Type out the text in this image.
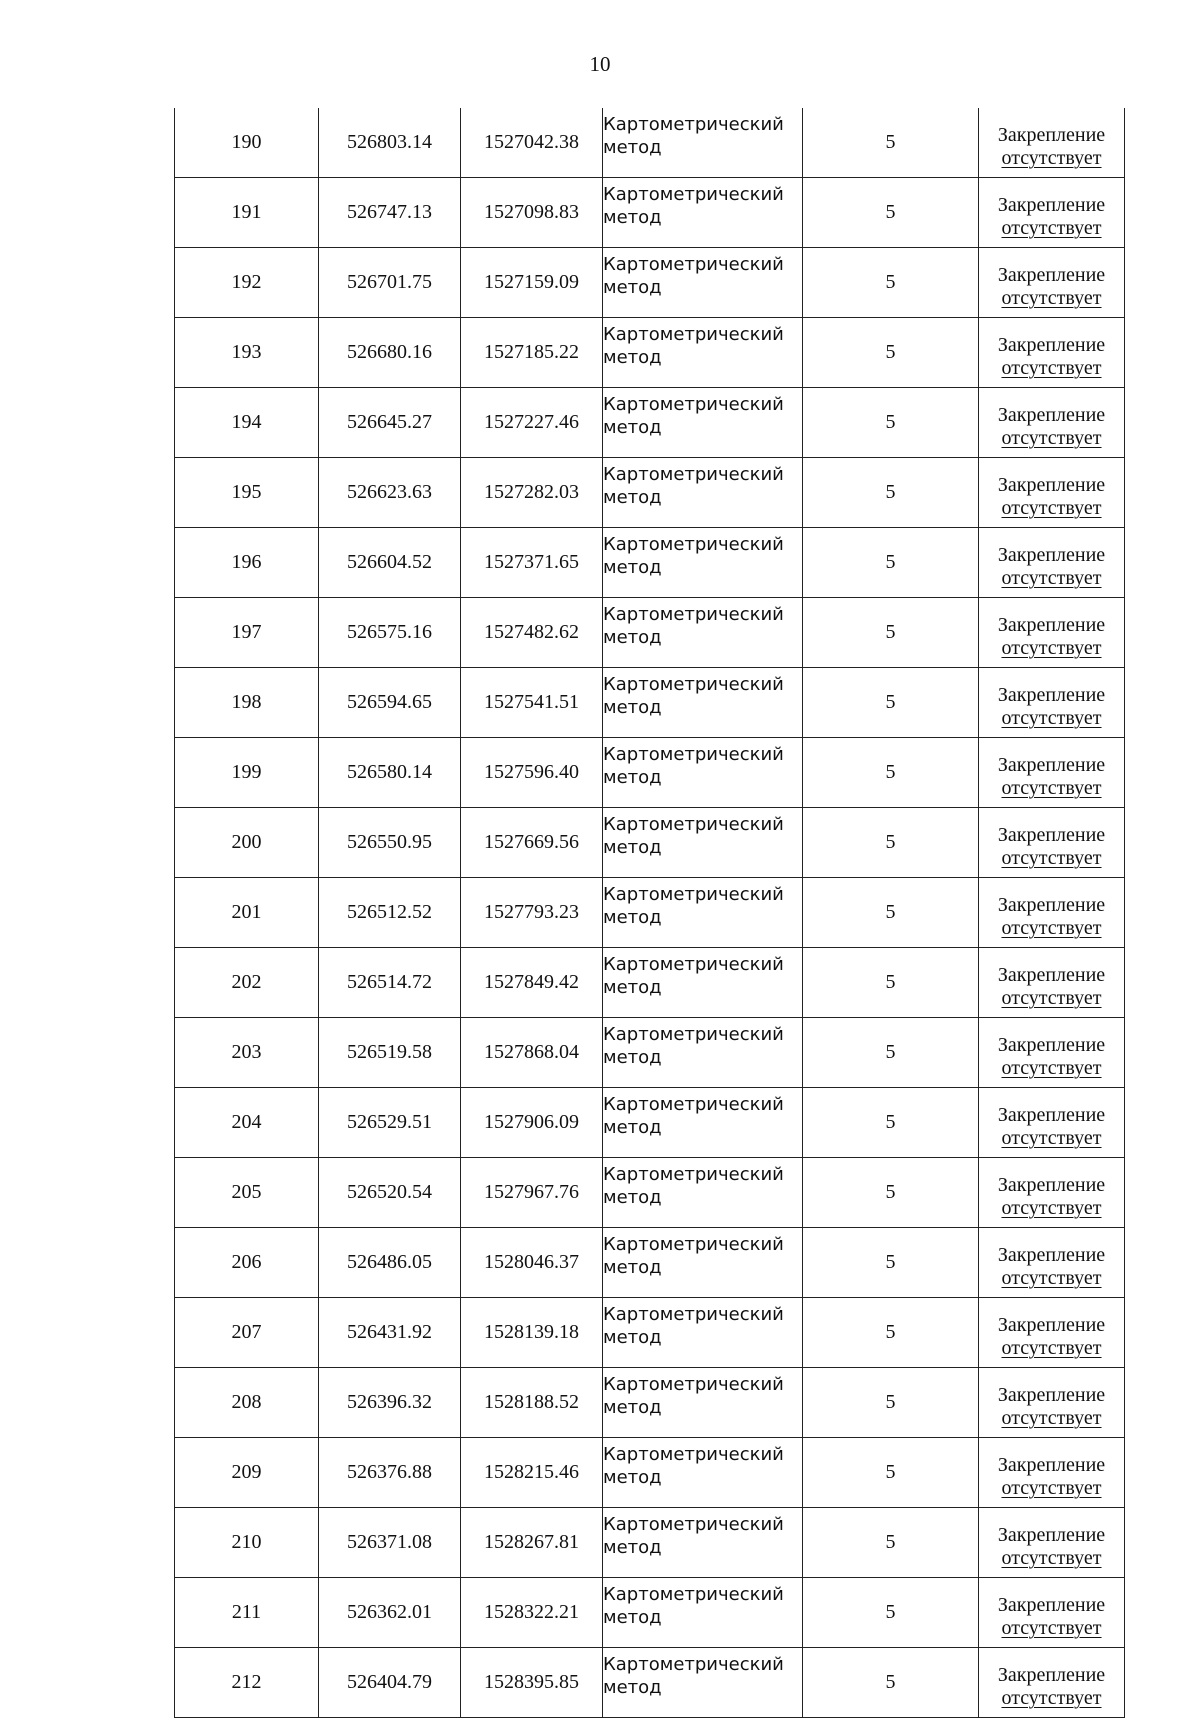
10
190	526803.14	1527042.38	Картометрический
метод	5	Закрепление
отсутствует

191	526747.13	1527098.83	Картометрический
метод	5	Закрепление
отсутствует

192	526701.75	1527159.09	Картометрический
метод	5	Закрепление
отсутствует

193	526680.16	1527185.22	Картометрический
метод	5	Закрепление
отсутствует

194	526645.27	1527227.46	Картометрический
метод	5	Закрепление
отсутствует

195	526623.63	1527282.03	Картометрический
метод	5	Закрепление
отсутствует

196	526604.52	1527371.65	Картометрический
метод	5	Закрепление
отсутствует

197	526575.16	1527482.62	Картометрический
метод	5	Закрепление
отсутствует

198	526594.65	1527541.51	Картометрический
метод	5	Закрепление
отсутствует

199	526580.14	1527596.40	Картометрический
метод	5	Закрепление
отсутствует

200	526550.95	1527669.56	Картометрический
метод	5	Закрепление
отсутствует

201	526512.52	1527793.23	Картометрический
метод	5	Закрепление
отсутствует

202	526514.72	1527849.42	Картометрический
метод	5	Закрепление
отсутствует

203	526519.58	1527868.04	Картометрический
метод	5	Закрепление
отсутствует

204	526529.51	1527906.09	Картометрический
метод	5	Закрепление
отсутствует

205	526520.54	1527967.76	Картометрический
метод	5	Закрепление
отсутствует

206	526486.05	1528046.37	Картометрический
метод	5	Закрепление
отсутствует

207	526431.92	1528139.18	Картометрический
метод	5	Закрепление
отсутствует

208	526396.32	1528188.52	Картометрический
метод	5	Закрепление
отсутствует

209	526376.88	1528215.46	Картометрический
метод	5	Закрепление
отсутствует

210	526371.08	1528267.81	Картометрический
метод	5	Закрепление
отсутствует

211	526362.01	1528322.21	Картометрический
метод	5	Закрепление
отсутствует

212	526404.79	1528395.85	Картометрический
метод	5	Закрепление
отсутствует
